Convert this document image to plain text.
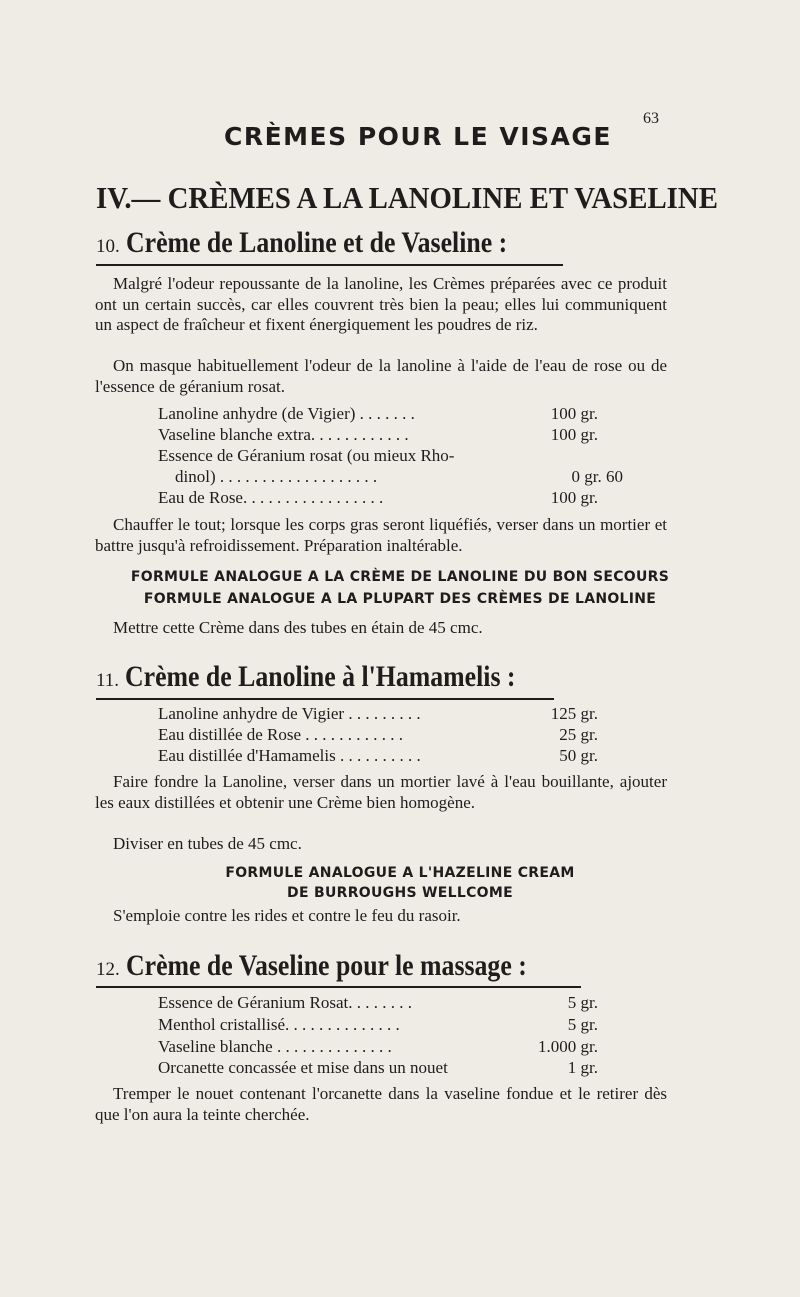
63
CRÈMES POUR LE VISAGE
IV.— CRÈMES A LA LANOLINE ET VASELINE
10. Crème de Lanoline et de Vaseline :

Malgré l'odeur repoussante de la lanoline, les Crèmes préparées avec ce produit ont un certain succès, car elles couvrent très bien la peau; elles lui communiquent un aspect de fraîcheur et fixent énergiquement les poudres de riz.

On masque habituellement l'odeur de la lanoline à l'aide de l'eau de rose ou de l'essence de géranium rosat.

Lanoline anhydre (de Vigier) . . . . . . .	100 gr.
Vaseline blanche extra. . . . . . . . . . . .	100 gr.
Essence de Géranium rosat (ou mieux Rho-
dinol) . . . . . . . . . . . . . . . . . . .	0 gr. 60
Eau de Rose. . . . . . . . . . . . . . . . .	100 gr.

Chauffer le tout; lorsque les corps gras seront liquéfiés, verser dans un mortier et battre jusqu'à refroidissement. Préparation inaltérable.

FORMULE ANALOGUE A LA CRÈME DE LANOLINE DU BON SECOURS
FORMULE ANALOGUE A LA PLUPART DES CRÈMES DE LANOLINE

Mettre cette Crème dans des tubes en étain de 45 cmc.

11. Crème de Lanoline à l'Hamamelis :
Lanoline anhydre de Vigier . . . . . . . . .	125 gr.
Eau distillée de Rose . . . . . . . . . . . .	25 gr.
Eau distillée d'Hamamelis . . . . . . . . . .	50 gr.

Faire fondre la Lanoline, verser dans un mortier lavé à l'eau bouillante, ajouter les eaux distillées et obtenir une Crème bien homogène.

Diviser en tubes de 45 cmc.

FORMULE ANALOGUE A L'HAZELINE CREAM
DE BURROUGHS WELLCOME

S'emploie contre les rides et contre le feu du rasoir.

12. Crème de Vaseline pour le massage :
Essence de Géranium Rosat. . . . . . . .	5 gr.
Menthol cristallisé. . . . . . . . . . . . . .	5 gr.
Vaseline blanche . . . . . . . . . . . . . .	1.000 gr.
Orcanette concassée et mise dans un nouet	1 gr.

Tremper le nouet contenant l'orcanette dans la vaseline fondue et le retirer dès que l'on aura la teinte cherchée.
